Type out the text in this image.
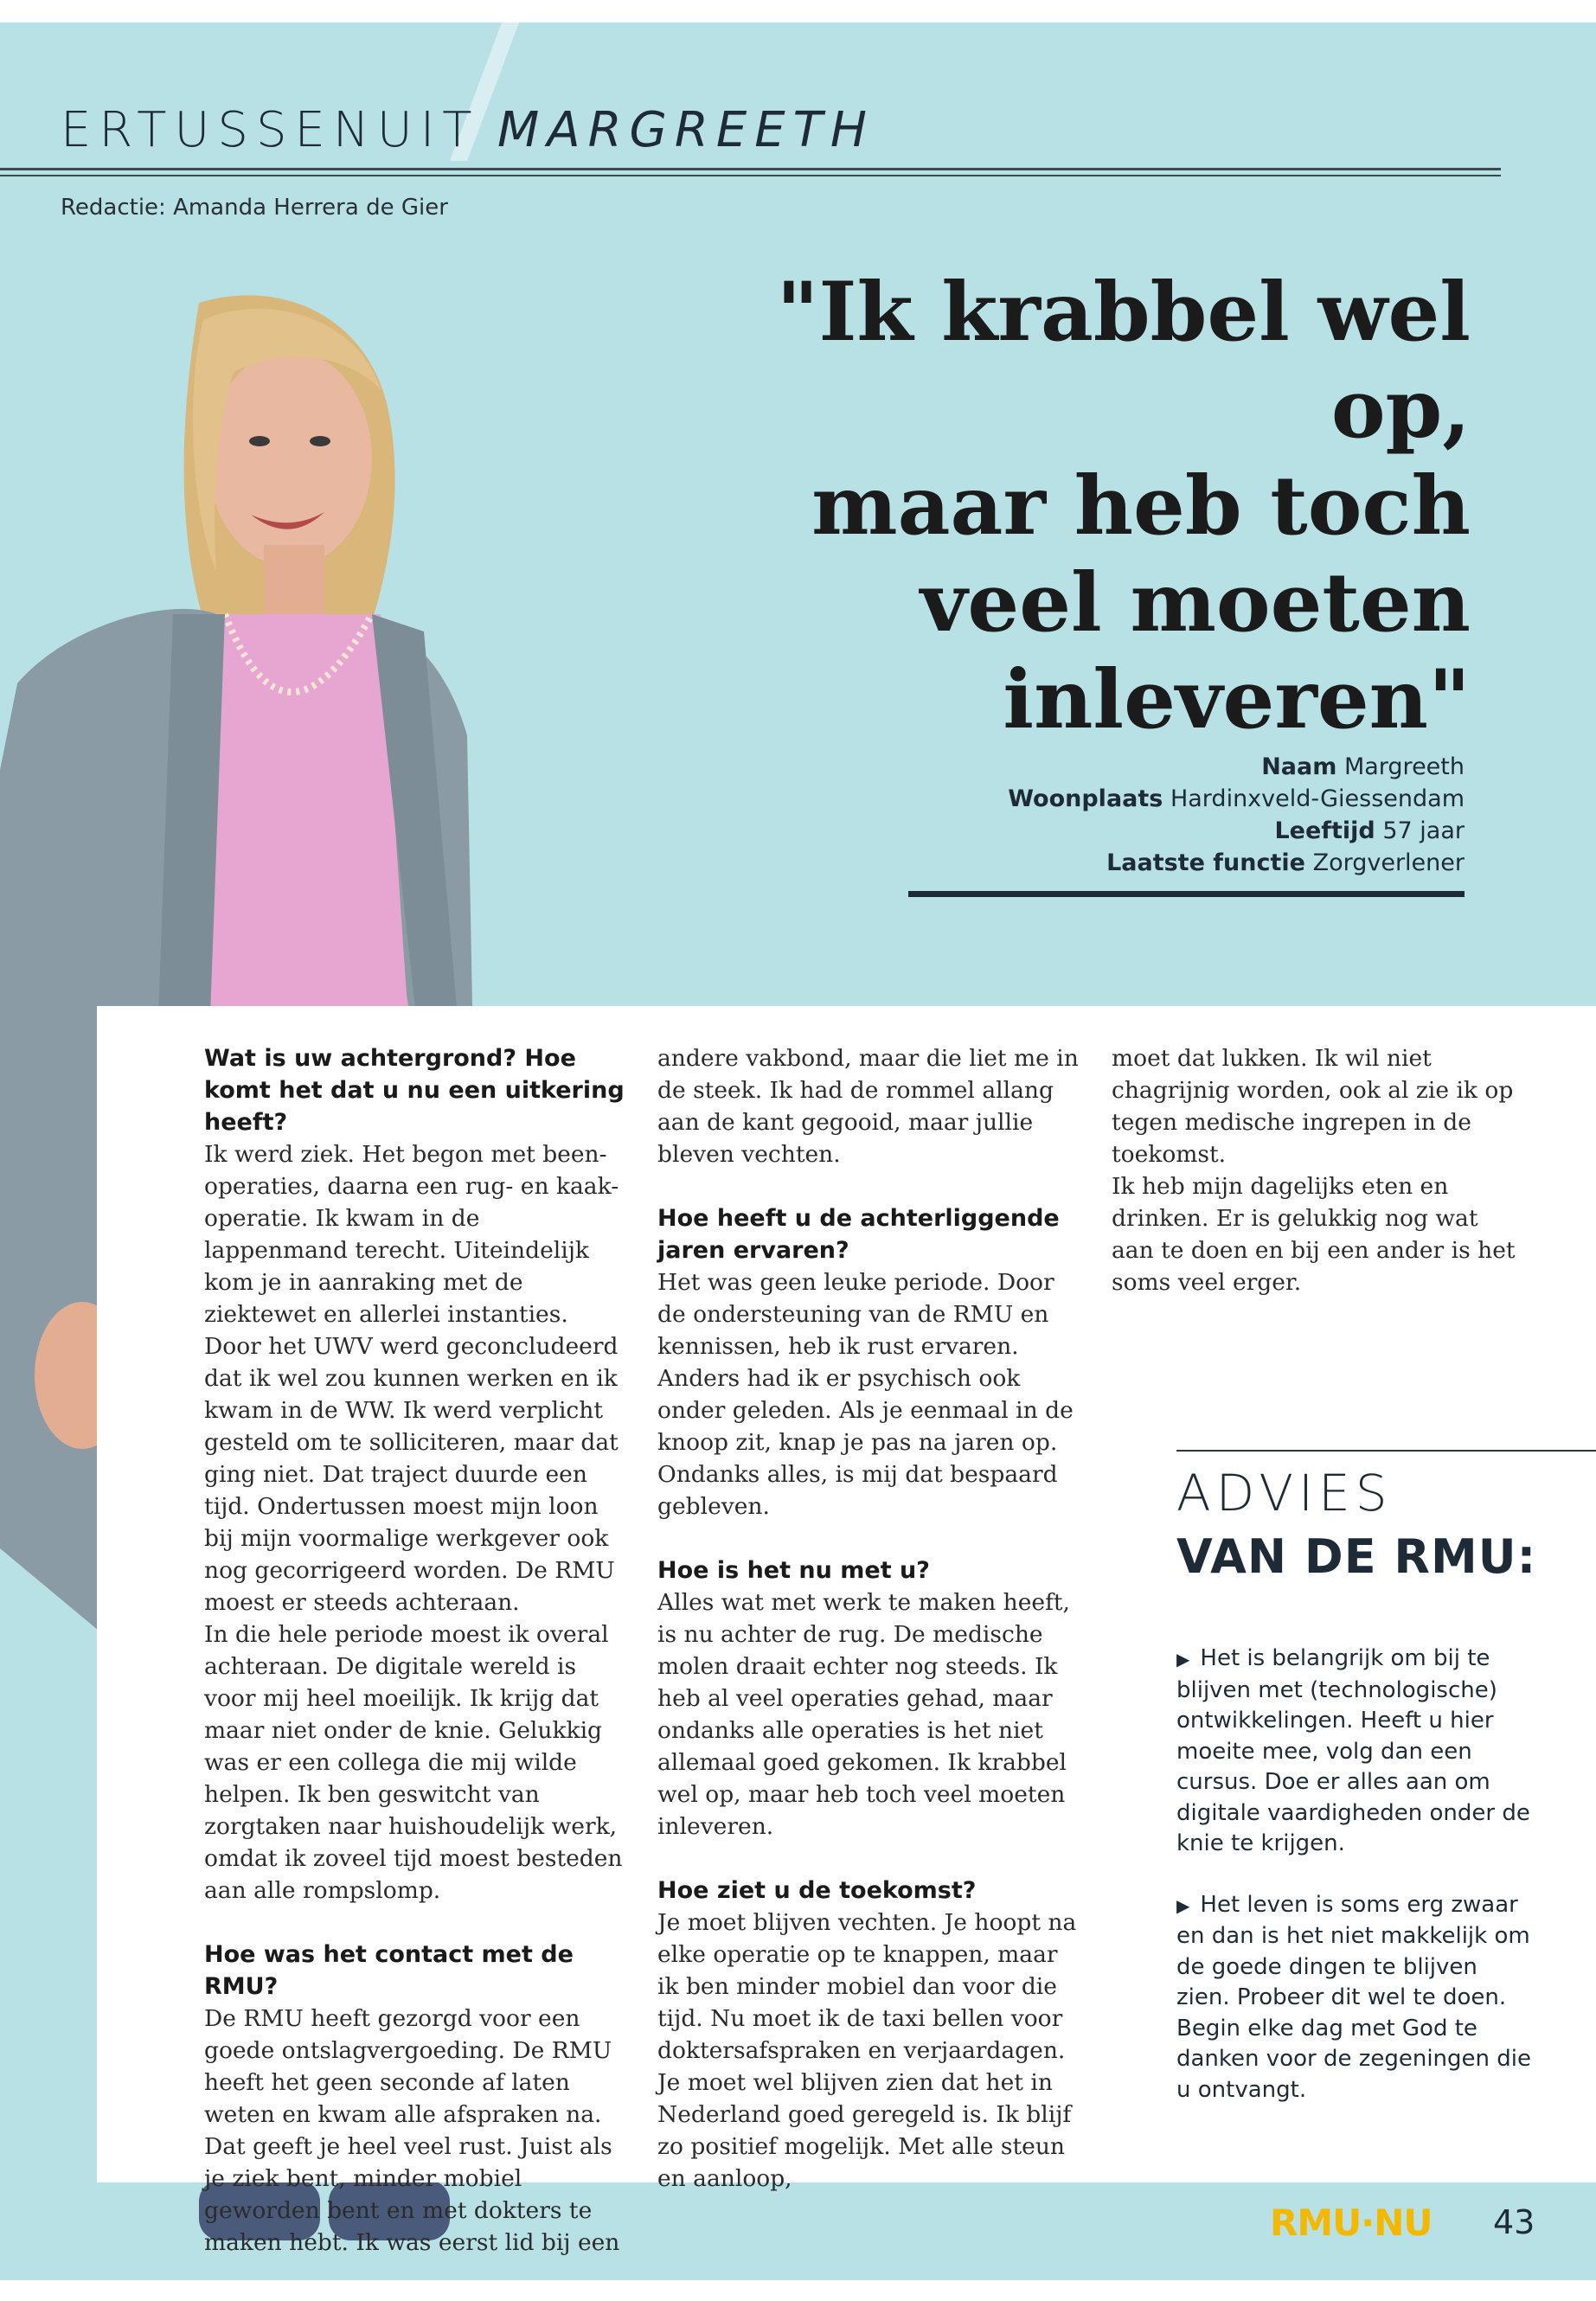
ERTUSSENUIT MARGREETH
Redactie: Amanda Herrera de Gier
"Ik krabbel wel op,
maar heb toch
veel moeten
inleveren"
Naam Margreeth
Woonplaats Hardinxveld-Giessendam
Leeftijd 57 jaar
Laatste functie Zorgverlener
Wat is uw achtergrond? Hoe komt het dat u nu een uitkering heeft?
Ik werd ziek. Het begon met been-operaties, daarna een rug- en kaak-operatie. Ik kwam in de lappenmand terecht. Uiteindelijk kom je in aanraking met de ziektewet en allerlei instanties. Door het UWV werd geconcludeerd dat ik wel zou kunnen werken en ik kwam in de WW. Ik werd verplicht gesteld om te solliciteren, maar dat ging niet. Dat traject duurde een tijd. Ondertussen moest mijn loon bij mijn voormalige werkgever ook nog gecorrigeerd worden. De RMU moest er steeds achteraan.

In die hele periode moest ik overal achteraan. De digitale wereld is voor mij heel moeilijk. Ik krijg dat maar niet onder de knie. Gelukkig was er een collega die mij wilde helpen. Ik ben geswitcht van zorgtaken naar huishoudelijk werk, omdat ik zoveel tijd moest besteden aan alle rompslomp.

Hoe was het contact met de RMU?

De RMU heeft gezorgd voor een goede ontslagvergoeding. De RMU heeft het geen seconde af laten weten en kwam alle afspraken na. Dat geeft je heel veel rust. Juist als je ziek bent, minder mobiel geworden bent en met dokters te maken hebt. Ik was eerst lid bij een

andere vakbond, maar die liet me in de steek. Ik had de rommel allang aan de kant gegooid, maar jullie bleven vechten.

Hoe heeft u de achterliggende jaren ervaren?

Het was geen leuke periode. Door de ondersteuning van de RMU en kennissen, heb ik rust ervaren. Anders had ik er psychisch ook onder geleden. Als je eenmaal in de knoop zit, knap je pas na jaren op. Ondanks alles, is mij dat bespaard gebleven.

Hoe is het nu met u?

Alles wat met werk te maken heeft, is nu achter de rug. De medische molen draait echter nog steeds. Ik heb al veel operaties gehad, maar ondanks alle operaties is het niet allemaal goed gekomen. Ik krabbel wel op, maar heb toch veel moeten inleveren.

Hoe ziet u de toekomst?

Je moet blijven vechten. Je hoopt na elke operatie op te knappen, maar ik ben minder mobiel dan voor die tijd. Nu moet ik de taxi bellen voor doktersafspraken en verjaardagen. Je moet wel blijven zien dat het in Nederland goed geregeld is. Ik blijf zo positief mogelijk. Met alle steun en aanloop,

moet dat lukken. Ik wil niet chagrijnig worden, ook al zie ik op tegen medische ingrepen in de toekomst.

Ik heb mijn dagelijks eten en drinken. Er is gelukkig nog wat aan te doen en bij een ander is het soms veel erger.

ADVIES
VAN DE RMU:

▶ Het is belangrijk om bij te blijven met (technologische) ontwikkelingen. Heeft u hier moeite mee, volg dan een cursus. Doe er alles aan om digitale vaardigheden onder de knie te krijgen.

▶ Het leven is soms erg zwaar en dan is het niet makkelijk om de goede dingen te blijven zien. Probeer dit wel te doen. Begin elke dag met God te danken voor de zegeningen die u ontvangt.

RMU·NU 43
